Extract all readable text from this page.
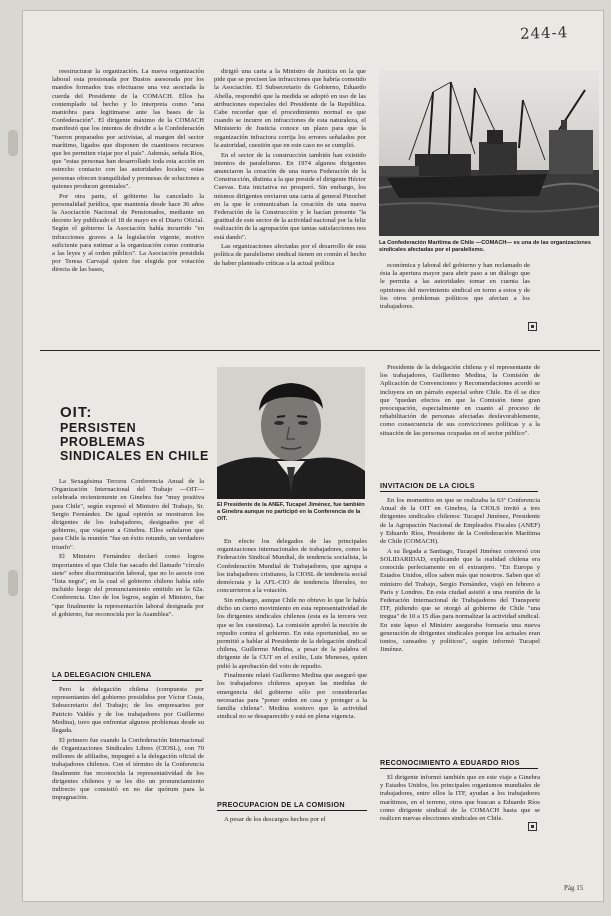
244-4

reestructurar la organización. La nueva organización laboral esta presionada por Bustos asesorada por los mandos formados tras efectuarse una vez asociada la cuerda del Presidente de la COMACH. Ellos ha contemplado tal hecho y lo interpreta como "una maniobra para legitimarse ante las bases de la Confederación". El dirigente máximo de la COMACH manifestó que los intentos de dividir a la Confederación "fueron preparados por activistas, al margen del sector marítimo, ligados que disponen de cuantiosos recursos que les permiten viajar por el país". Además, señala Ríos, que "estas personas han desarrollado toda esta acción en estrecho contacto con las autoridades locales; estas personas ofrecen tranquilidad y promesas de soluciones a quienes producen gremiales".

Por otra parte, el gobierno ha cancelado la personalidad jurídica, que mantenía desde hace 36 años la Asociación Nacional de Pensionados, mediante un decreto ley publicado el 18 de mayo en el Diario Oficial. Según el gobierno la Asociación había incurrido "en infracciones graves a la legislación vigente, motivo suficiente para estimar a la organización como contraria a las leyes y al orden público". La Asociación presidida por Teresa Carvajal quien fue elegida por votación directa de las bases,

dirigió una carta a la Ministro de Justicia en la que pide que se precisen las infracciones que habría cometido la Asociación. El Subsecretario de Gobierno, Eduardo Abella, respondió que la medida se adoptó en uso de las atribuciones especiales del Presidente de la República. Cabe recordar que el procedimiento normal es que cuando se incurre en infracciones de esta naturaleza, el Ministerio de Justicia conoce un plazo para que la organización infractora corrija los errores señalados por la autoridad, cuestión que en este caso no se cumplió.

En el sector de la construcción también han existido intentos de paralelismo. En 1974 algunos dirigentes anunciaron la creación de una nueva Federación de la Construcción, distinta a la que preside el dirigente Héctor Cuevas. Esta iniciativa no prosperó. Sin embargo, los mismos dirigentes enviaron una carta al general Pinochet en la que le comunicaban la creación de una nueva Federación de la Construcción y le hacían presente "la gratitud de este sector de la actividad nacional por la feliz realización de la agrupación que tantas satisfacciones nos está dando".

Las organizaciones afectadas por el desarrollo de esta política de paralelismo sindical tienen en común el hecho de haber planteado críticas a la actual política

La Confederación Marítima de Chile —COMACH— es una de las organizaciones sindicales afectadas por el paralelismo.

económica y laboral del gobierno y han reclamado de ésta la apertura mayor para abrir paso a un diálogo que le permita a las autoridades tomar en cuenta las opiniones del movimiento sindical en torno a estos y de los otros problemas políticos que afectan a los trabajadores.

OIT:
PERSISTEN PROBLEMAS
SINDICALES EN CHILE
El Presidente de la ANEF, Tucapel Jiménez, fue también a Ginebra aunque no participó en la Conferencia de la OIT.

La Sexagésima Tercera Conferencia Anual de la Organización Internacional del Trabajo —OIT— celebrada recientemente en Ginebra fue "muy positiva para Chile", según expresó el Ministro del Trabajo, Sr. Sergio Fernández. De igual opinión se mostraron los dirigentes de los trabajadores, designados por el gobierno, que viajaron a Ginebra. Ellos señalaron que para Chile la reunión "fue un éxito rotundo, un verdadero triunfo".

El Ministro Fernández declaró como logros importantes el que Chile fue sacado del llamado "círculo siete" sobre discriminación laboral, que no lo asocie con "lista negra", en la cual el gobierno chileno había sido incluido luego del pronunciamiento emitido en la 62a. Conferencia. Uno de los logros, según el Ministro, fue "que finalmente la representación laboral designada por el gobierno, fue reconocida por la Asamblea".

LA DELEGACION CHILENA

Pero la delegación chilena (compuesta por representantes del gobierno presididos por Víctor Costa, Subsecretario del Trabajo; de los empresarios por Patricio Valdés y de los trabajadores por Guillermo Medina), tuvo que enfrentar algunos problemas desde su llegada.

El primero fue cuando la Confederación Internacional de Organizaciones Sindicales Libres (CIOSL), con 70 millones de afiliados, impugnó a la delegación oficial de trabajadores chilenos. Con el término de la Conferencia finalmente fue reconocida la representatividad de los dirigentes chilenos y se les dio un pronunciamiento indirecto que consistió en no dar quórum para la impugnación.

En efecto los delegados de las principales organizaciones internacionales de trabajadores, como la Federación Sindical Mundial, de tendencia socialista, la Confederación Mundial de Trabajadores, que agrupa a los trabajadores cristianos, la CIOSL de tendencia social demócrata y la AFL-CIO de tendencia liberales, no concurrieron a la votación.

Sin embargo, aunque Chile no obtuvo lo que le había dicho un cierto movimiento en esta representatividad de los dirigentes sindicales chilenos (esta es la tercera vez que se les cuestiona). La comisión aprobó la moción de repudio contra el gobierno. En esta oportunidad, no se permitió a hablar al Presidente de la delegación sindical chilena, Guillermo Medina, a pesar de la palabra el dirigente de la CUT en el exilio, Luis Meneses, quien pidió la aprobación del voto de repudio.

Finalmente relató Guillermo Medina que aseguró que los trabajadores chilenos apoyan las medidas de emergencia del gobierno sólo por considerarlas necesarias para "poner orden en casa y proteger a la familia chilena". Medina sostuvo que la actividad sindical no se desaparecido y está en plena vigencia.

PREOCUPACION DE LA COMISION

A pesar de los descargos hechos por el

Presidente de la delegación chilena y el representante de los trabajadores, Guillermo Medina, la Comisión de Aplicación de Convenciones y Recomendaciones acordó se incluyera en un párrafo especial sobre Chile. En él se dice que "quedan efectos en que la Comisión tiene gran preocupación, especialmente en cuanto al proceso de rehabilitación de personas afectadas desfavorablemente, como consecuencia de sus convicciones políticas y a la situación de las personas ocupadas en el sector público".

INVITACION DE LA CIOLS

En los momentos en que se realizaba la 63ª Conferencia Anual de la OIT en Ginebra, la CIOLS invitó a tres dirigentes sindicales chilenos: Tucapel Jiménez, Presidente de la Agrupación Nacional de Empleados Fiscales (ANEF) y Eduardo Ríos, Presidente de la Confederación Marítima de Chile (COMACH).

A su llegada a Santiago, Tucapel Jiménez conversó con SOLIDARIDAD, explicando que la realidad chilena era conocida perfectamente en el extranjero. "En Europa y Estados Unidos, ellos saben más que nosotros. Saben que el ministro del Trabajo, Sergio Fernández, viajó en febrero a París y Londres. En esta ciudad asistió a una reunión de la Federación Internacional de Trabajadores del Transporte ITF, pidiendo que se otorgó al gobierno de Chile "una tregua" de 10 a 15 días para normalizar la actividad sindical. En este lapso el Ministro aseguraba formaría una nueva generación de dirigentes sindicales porque los actuales eran tontos, cansados y políticos", según informó Tucapel Jiménez.

RECONOCIMIENTO A EDUARDO RIOS

El dirigente informó también que en este viaje a Ginebra y Estados Unidos, los principales organismos mundiales de trabajadores, entre ellos la ITF, ayudan a los trabajadores marítimos, en el terreno, otros que buscan a Eduardo Ríos como dirigente sindical de la COMACH hasta que se realicen nuevas elecciones sindicales en Chile.

Pág 15
